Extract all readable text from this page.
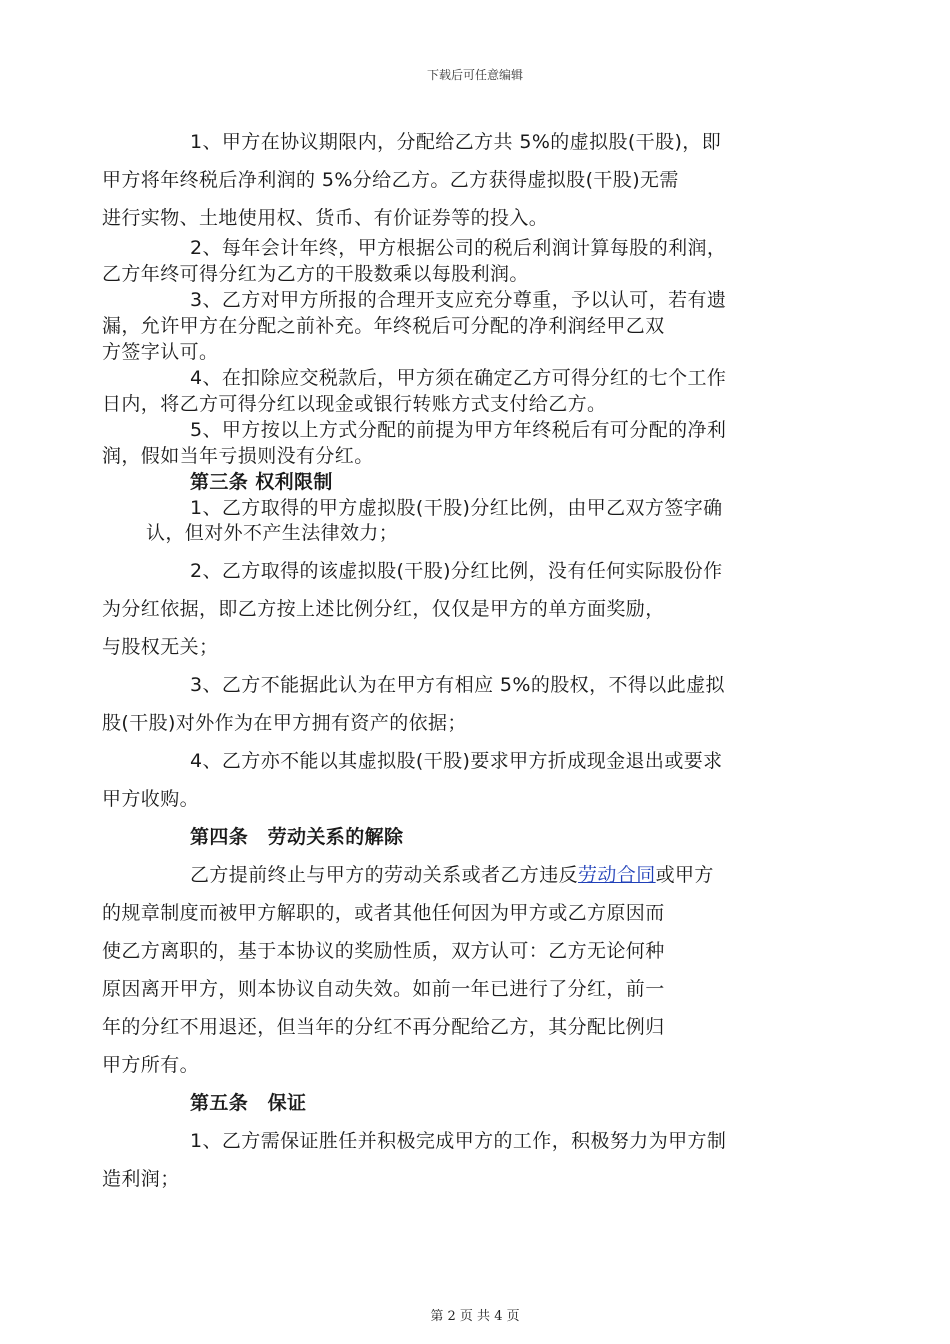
下载后可任意编辑
1、甲方在协议期限内，分配给乙方共 5%的虚拟股(干股)，即
甲方将年终税后净利润的 5%分给乙方。乙方获得虚拟股(干股)无需
进行实物、土地使用权、货币、有价证券等的投入。
2、每年会计年终，甲方根据公司的税后利润计算每股的利润，
乙方年终可得分红为乙方的干股数乘以每股利润。
3、乙方对甲方所报的合理开支应充分尊重，予以认可，若有遗
漏，允许甲方在分配之前补充。年终税后可分配的净利润经甲乙双
方签字认可。
4、在扣除应交税款后，甲方须在确定乙方可得分红的七个工作
日内，将乙方可得分红以现金或银行转账方式支付给乙方。
5、甲方按以上方式分配的前提为甲方年终税后有可分配的净利
润，假如当年亏损则没有分红。
第三条 权利限制
1、乙方取得的甲方虚拟股(干股)分红比例，由甲乙双方签字确
认，但对外不产生法律效力；
2、乙方取得的该虚拟股(干股)分红比例，没有任何实际股份作
为分红依据，即乙方按上述比例分红，仅仅是甲方的单方面奖励，
与股权无关；
3、乙方不能据此认为在甲方有相应 5%的股权，不得以此虚拟
股(干股)对外作为在甲方拥有资产的依据；
4、乙方亦不能以其虚拟股(干股)要求甲方折成现金退出或要求
甲方收购。
第四条　劳动关系的解除
乙方提前终止与甲方的劳动关系或者乙方违反劳动合同或甲方
的规章制度而被甲方解职的，或者其他任何因为甲方或乙方原因而
使乙方离职的，基于本协议的奖励性质，双方认可：乙方无论何种
原因离开甲方，则本协议自动失效。如前一年已进行了分红，前一
年的分红不用退还，但当年的分红不再分配给乙方，其分配比例归
甲方所有。
第五条　保证
1、乙方需保证胜任并积极完成甲方的工作，积极努力为甲方制
造利润；
第 2 页 共 4 页
